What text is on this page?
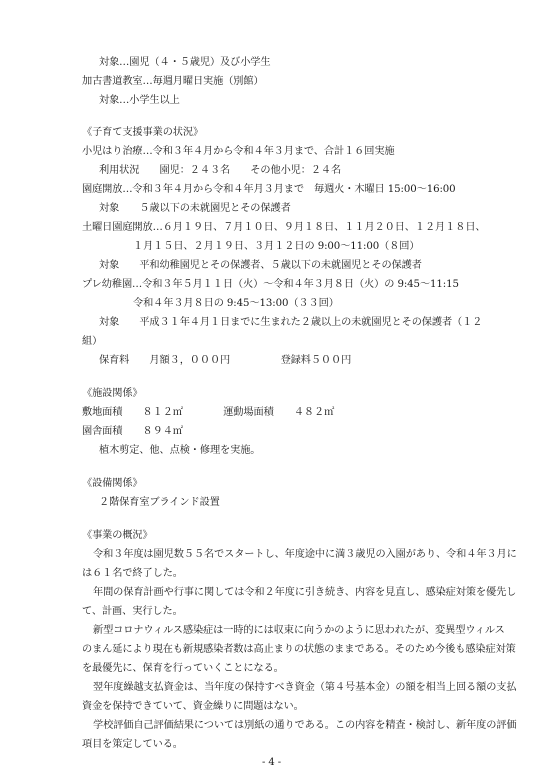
対象…園児（４・５歳児）及び小学生
加古書道教室…毎週月曜日実施（別館）
対象…小学生以上
《子育て支援事業の状況》
小児はり治療…令和３年４月から令和４年３月まで、合計１６回実施
利用状況　　園児：２４３名　　その他小児：２４名
園庭開放…令和３年４月から令和４年月３月まで　毎週火・木曜日 15:00〜16:00
対象　　５歳以下の未就園児とその保護者
土曜日園庭開放…６月１９日、７月１０日、９月１８日、１１月２０日、１２月１８日、
１月１５日、２月１９日、３月１２日の 9:00〜11:00（８回）
対象　　平和幼稚園児とその保護者、５歳以下の未就園児とその保護者
プレ幼稚園…令和３年５月１１日（火）〜令和４年３月８日（火）の 9:45〜11:15
令和４年３月８日の 9:45〜13:00（３３回）
対象　　平成３１年４月１日までに生まれた２歳以上の未就園児とその保護者（１２
組）
保育料　　月額３，０００円　　　　　登録料５００円
《施設関係》
敷地面積　　８１２㎡　　　　運動場面積　　４８２㎡
園舎面積　　８９４㎡
植木剪定、他、点検・修理を実施。
《設備関係》
２階保育室ブラインド設置
《事業の概況》
令和３年度は園児数５５名でスタートし、年度途中に満３歳児の入園があり、令和４年３月に
は６１名で終了した。
年間の保育計画や行事に関しては令和２年度に引き続き、内容を見直し、感染症対策を優先し
て、計画、実行した。
新型コロナウィルス感染症は一時的には収束に向うかのように思われたが、変異型ウィルス
のまん延により現在も新規感染者数は高止まりの状態のままである。そのため今後も感染症対策
を最優先に、保育を行っていくことになる。
翌年度繰越支払資金は、当年度の保持すべき資金（第４号基本金）の額を相当上回る額の支払
資金を保持できていて、資金繰りに問題はない。
学校評価自己評価結果については別紙の通りである。この内容を精査・検討し、新年度の評価
項目を策定している。
- 4 -
